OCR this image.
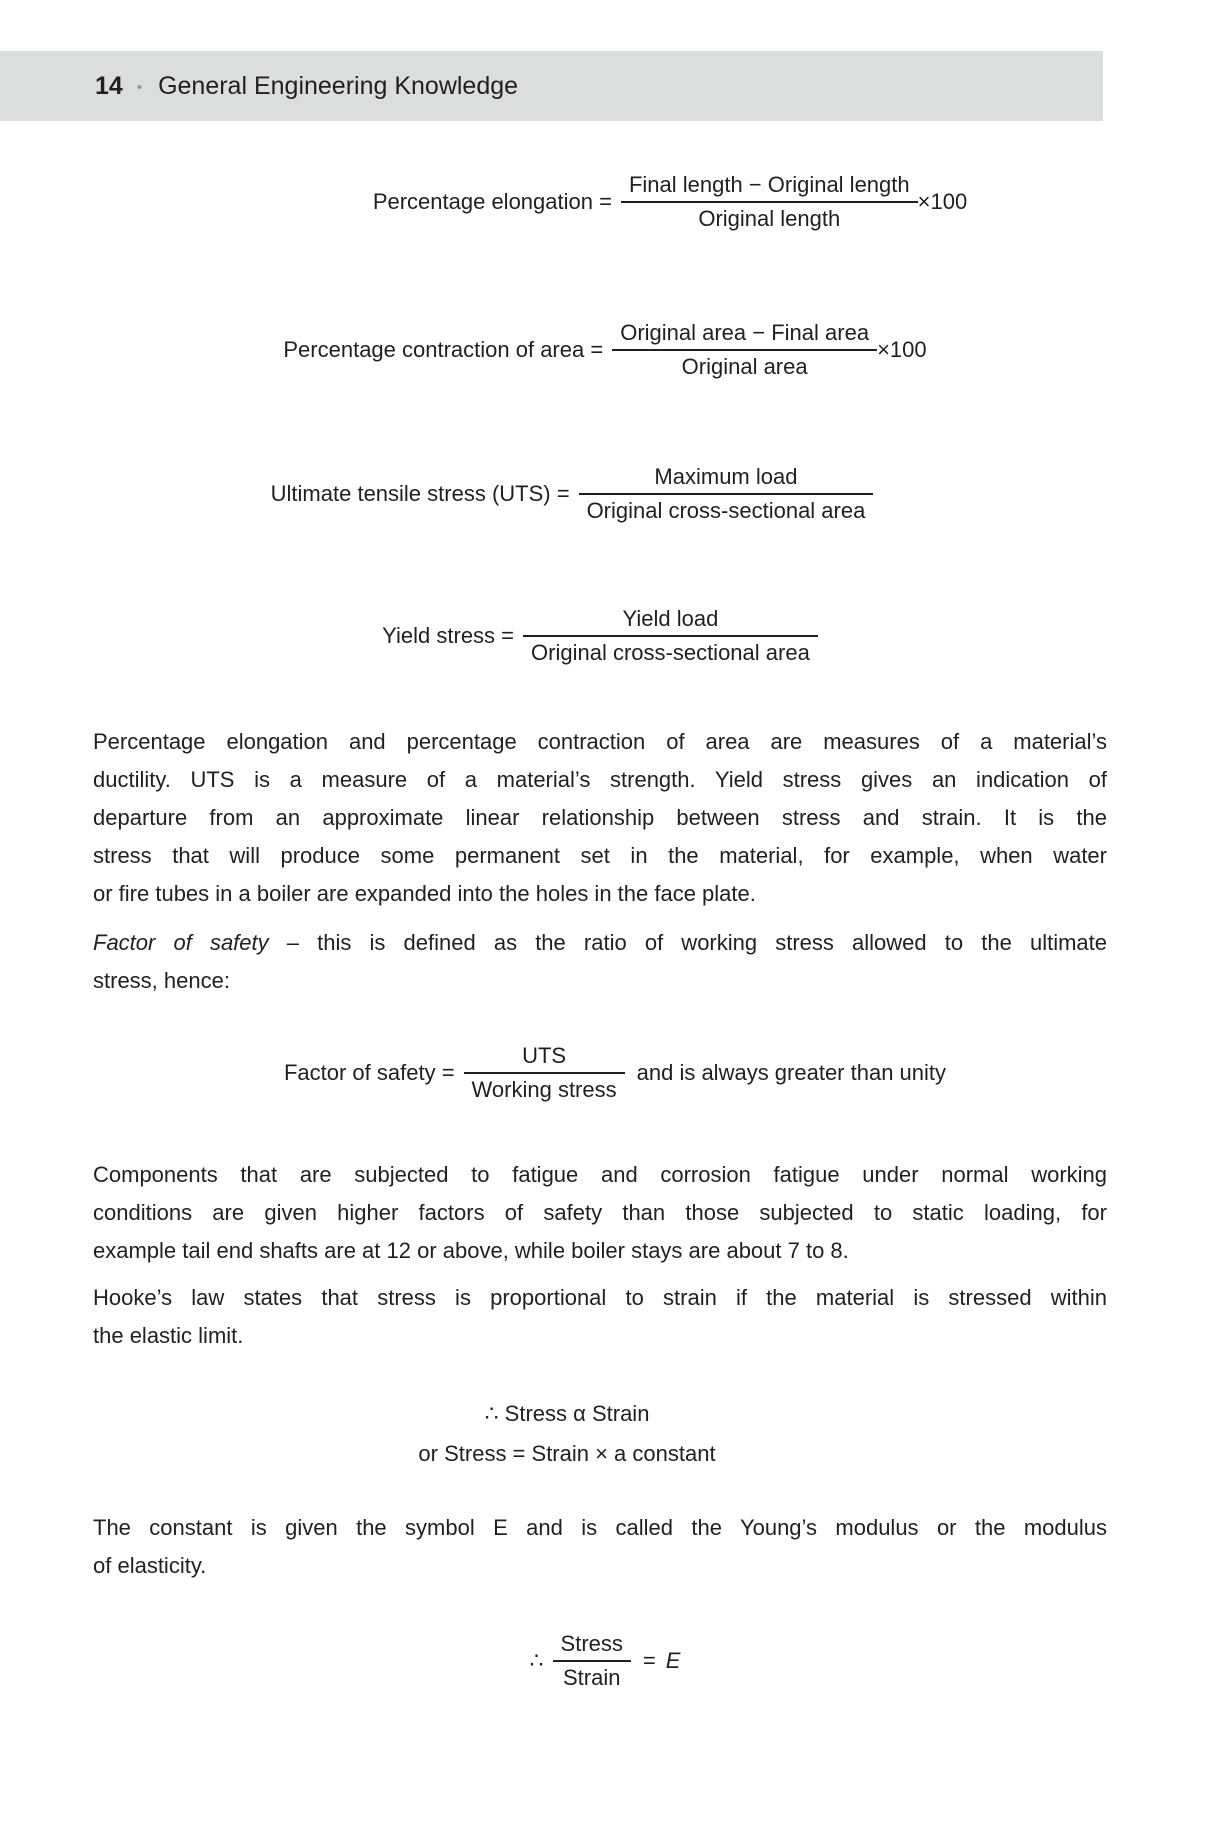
14 • General Engineering Knowledge
Percentage elongation = $\frac{\text{Final length − Original length}}{\text{Original length}} \times 100$
Percentage contraction of area = $\frac{\text{Original area − Final area}}{\text{Original area}} \times 100$
Ultimate tensile stress $(UTS) = \frac{\text{Maximum load}}{\text{Original cross-sectional area}}$
Yield stress = $\frac{\text{Yield load}}{\text{Original cross-sectional area}}$
Percentage elongation and percentage contraction of area are measures of a material’s
ductility. UTS is a measure of a material’s strength. Yield stress gives an indication of
departure from an approximate linear relationship between stress and strain. It is the
stress that will produce some permanent set in the material, for example, when water
or fire tubes in a boiler are expanded into the holes in the face plate.
Factor of safety – this is defined as the ratio of working stress allowed to the ultimate
stress, hence:
Factor of safety = $\frac{\text{UTS}}{\text{Working stress}}$ and is always greater than unity
Components that are subjected to fatigue and corrosion fatigue under normal working
conditions are given higher factors of safety than those subjected to static loading, for
example tail end shafts are at 12 or above, while boiler stays are about 7 to 8.
Hooke’s law states that stress is proportional to strain if the material is stressed within
the elastic limit.
∴ Stress α Strain
or Stress = Strain × a constant
The constant is given the symbol E and is called the Young’s modulus or the modulus
of elasticity.
∴ $\frac{\text{Stress}}{\text{Strain}} = E$
